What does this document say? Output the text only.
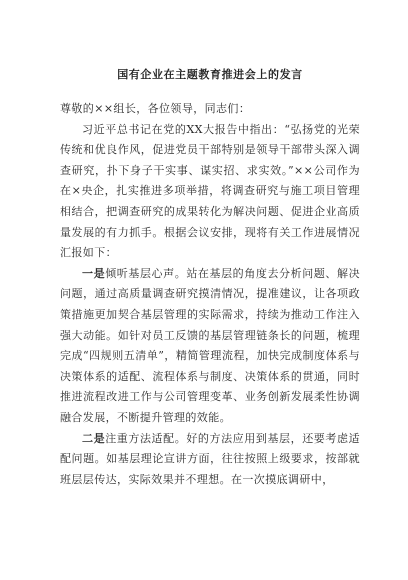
国有企业在主题教育推进会上的发言

尊敬的××组长，各位领导，同志们：

习近平总书记在党的XX大报告中指出：“弘扬党的光荣传统和优良作风，促进党员干部特别是领导干部带头深入调查研究，扑下身子干实事、谋实招、求实效。”××公司作为在×央企，扎实推进多项举措，将调查研究与施工项目管理相结合，把调查研究的成果转化为解决问题、促进企业高质量发展的有力抓手。根据会议安排，现将有关工作进展情况汇报如下：

一是倾听基层心声。站在基层的角度去分析问题、解决问题，通过高质量调查研究摸清情况，提准建议，让各项政策措施更加契合基层管理的实际需求，持续为推动工作注入强大动能。如针对员工反馈的基层管理链条长的问题，梳理完成“四规则五清单”，精简管理流程，加快完成制度体系与决策体系的适配、流程体系与制度、决策体系的贯通，同时推进流程改进工作与公司管理变革、业务创新发展柔性协调融合发展，不断提升管理的效能。

二是注重方法适配。好的方法应用到基层，还要考虑适配问题。如基层理论宣讲方面，往往按照上级要求，按部就班层层传达，实际效果并不理想。在一次摸底调研中，
